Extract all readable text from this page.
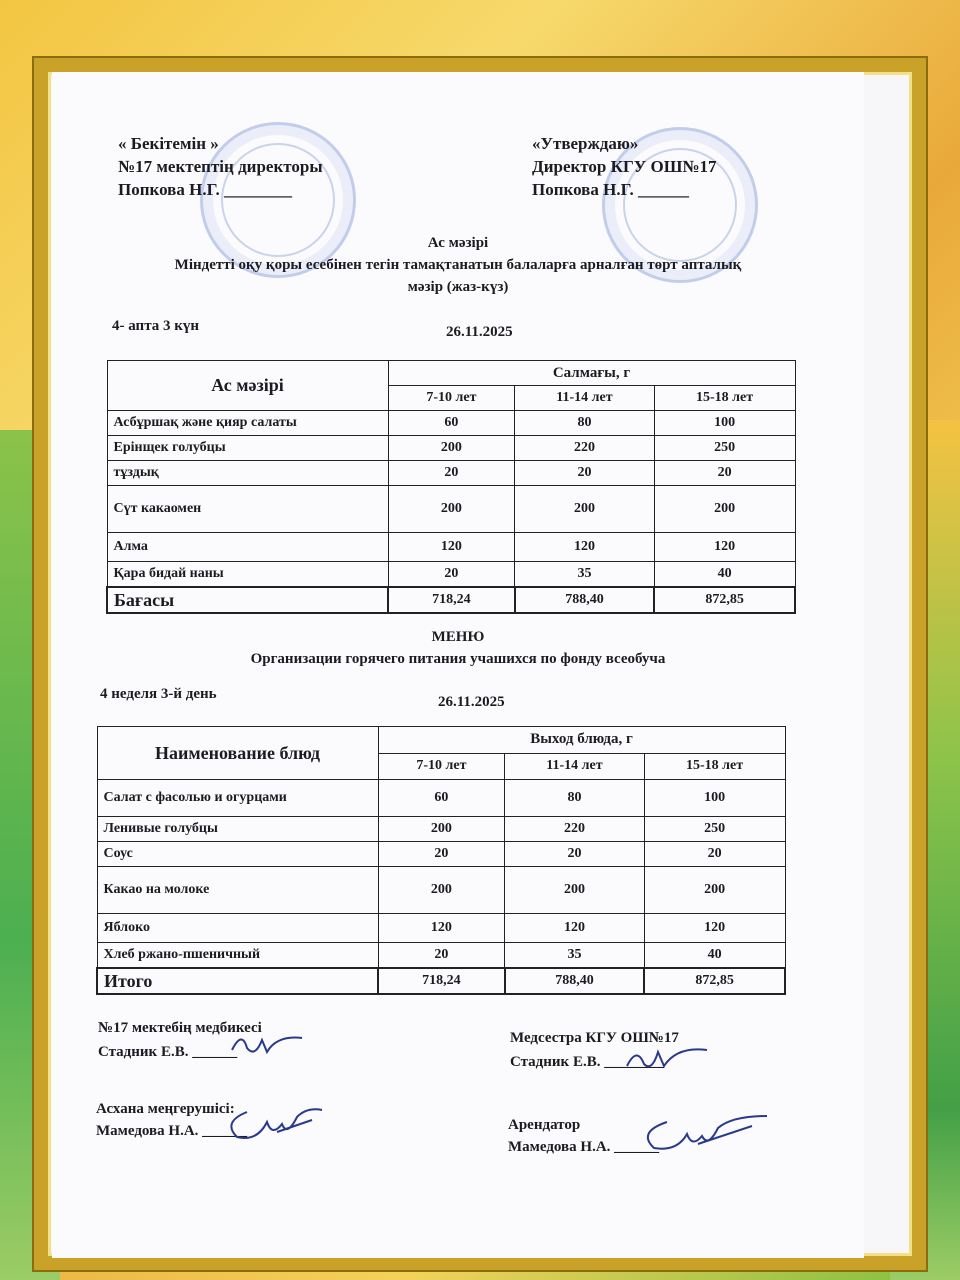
« Бекітемін »
№17 мектептің директоры
Попкова Н.Г. ________
«Утверждаю»
Директор КГУ ОШ№17
Попкова Н.Г. ______
Ас мәзірі
Міндетті оқу қоры есебінен тегін тамақтанатын балаларға арналған төрт апталық
мәзір (жаз-күз)
4- апта 3 күн	26.11.2025
Ас мәзірі	Салмағы, г		
	7-10 лет	11-14 лет	15-18 лет
Асбұршақ және қияр салаты	60	80	100
Ерінщек голубцы	200	220	250
тұздық	20	20	20
Сүт какаомен	200	200	200
Алма	120	120	120
Қара бидай наны	20	35	40
Бағасы	718,24	788,40	872,85
МЕНЮ
Организации горячего питания учашихся по фонду всеобуча
4 неделя 3-й день	26.11.2025
Наименование блюд	Выход блюда, г		
	7-10 лет	11-14 лет	15-18 лет
Салат с фасолью и огурцами	60	80	100
Ленивые голубцы	200	220	250
Соус	20	20	20
Какао на молоке	200	200	200
Яблоко	120	120	120
Хлеб ржано-пшеничный	20	35	40
Итого	718,24	788,40	872,85
№17 мектебің медбикесі
Стадник Е.В. ______
Медсестра КГУ ОШ№17
Стадник Е.В. ________
Асхана меңгерушісі:
Мамедова Н.А. ______	Арендатор
Мамедова Н.А. ______
